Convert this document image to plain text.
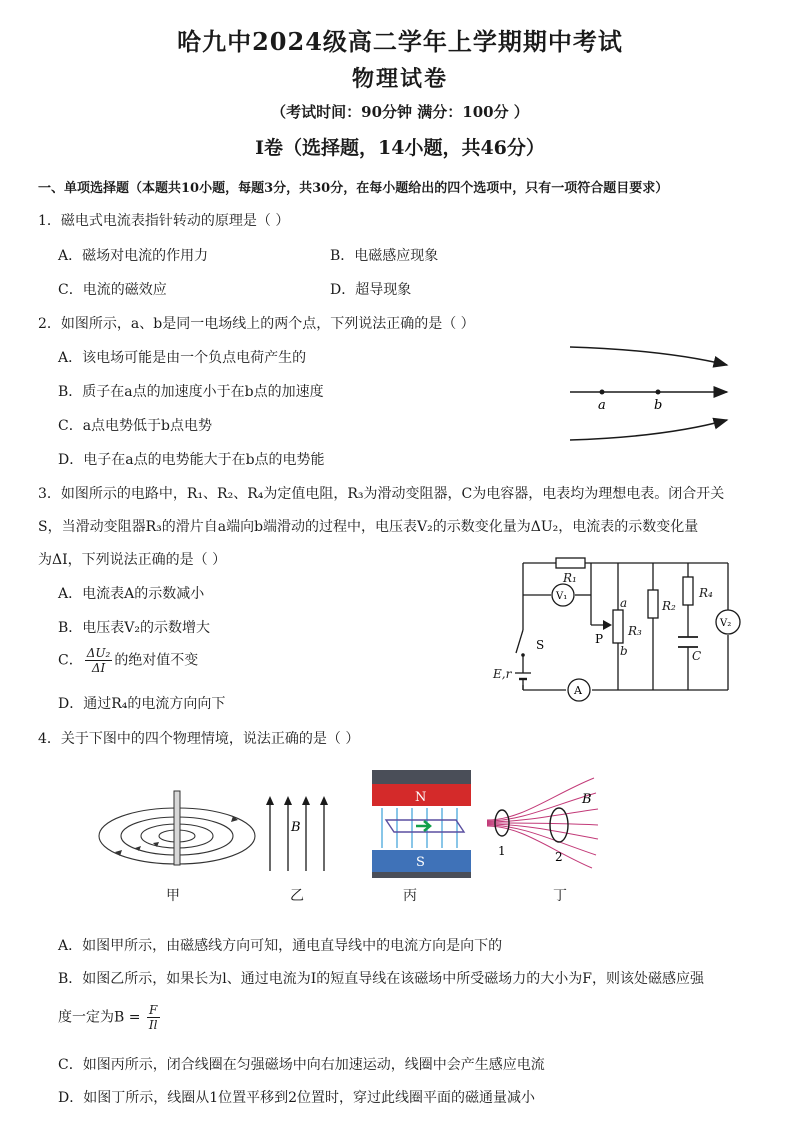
哈九中2024级高二学年上学期期中考试
物理试卷
（考试时间：90分钟 满分：100分 ）
Ⅰ卷（选择题，14小题，共46分）
一、单项选择题（本题共10小题，每题3分，共30分，在每小题给出的四个选项中，只有一项符合题目要求）
1．磁电式电流表指针转动的原理是（ ）
A．磁场对电流的作用力	B．电磁感应现象
C．电流的磁效应	D．超导现象
2．如图所示，a、b是同一电场线上的两个点，下列说法正确的是（ ）
A．该电场可能是由一个负点电荷产生的
B．质子在a点的加速度小于在b点的加速度
C．a点电势低于b点电势
D．电子在a点的电势能大于在b点的电势能
a	b
3．如图所示的电路中，R₁、R₂、R₄为定值电阻，R₃为滑动变阻器，C为电容器，电表均为理想电表。闭合开关
S，当滑动变阻器R₃的滑片自a端向b端滑动的过程中，电压表V₂的示数变化量为ΔU₂，电流表的示数变化量
为ΔI，下列说法正确的是（ ）
A．电流表A的示数减小
B．电压表V₂的示数增大
C． $\frac{\text{ΔU₂}}{\Delta I}$ 的绝对值不变
D．通过R₄的电流方向向下
V₁
V₂
A
R₁
R₃
R₂
R₄
C
a
b
E,r
P
S
4．关于下图中的四个物理情境，说法正确的是（ ）
甲
B
乙
N
S
丙
1	2
B
丁
A．如图甲所示，由磁感线方向可知，通电直导线中的电流方向是向下的
B．如图乙所示，如果长为l、通过电流为I的短直导线在该磁场中所受磁场力的大小为F，则该处磁感应强
度一定为$B = \frac{F}{Il}$
C．如图丙所示，闭合线圈在匀强磁场中向右加速运动，线圈中会产生感应电流
D．如图丁所示，线圈从1位置平移到2位置时，穿过此线圈平面的磁通量减小
